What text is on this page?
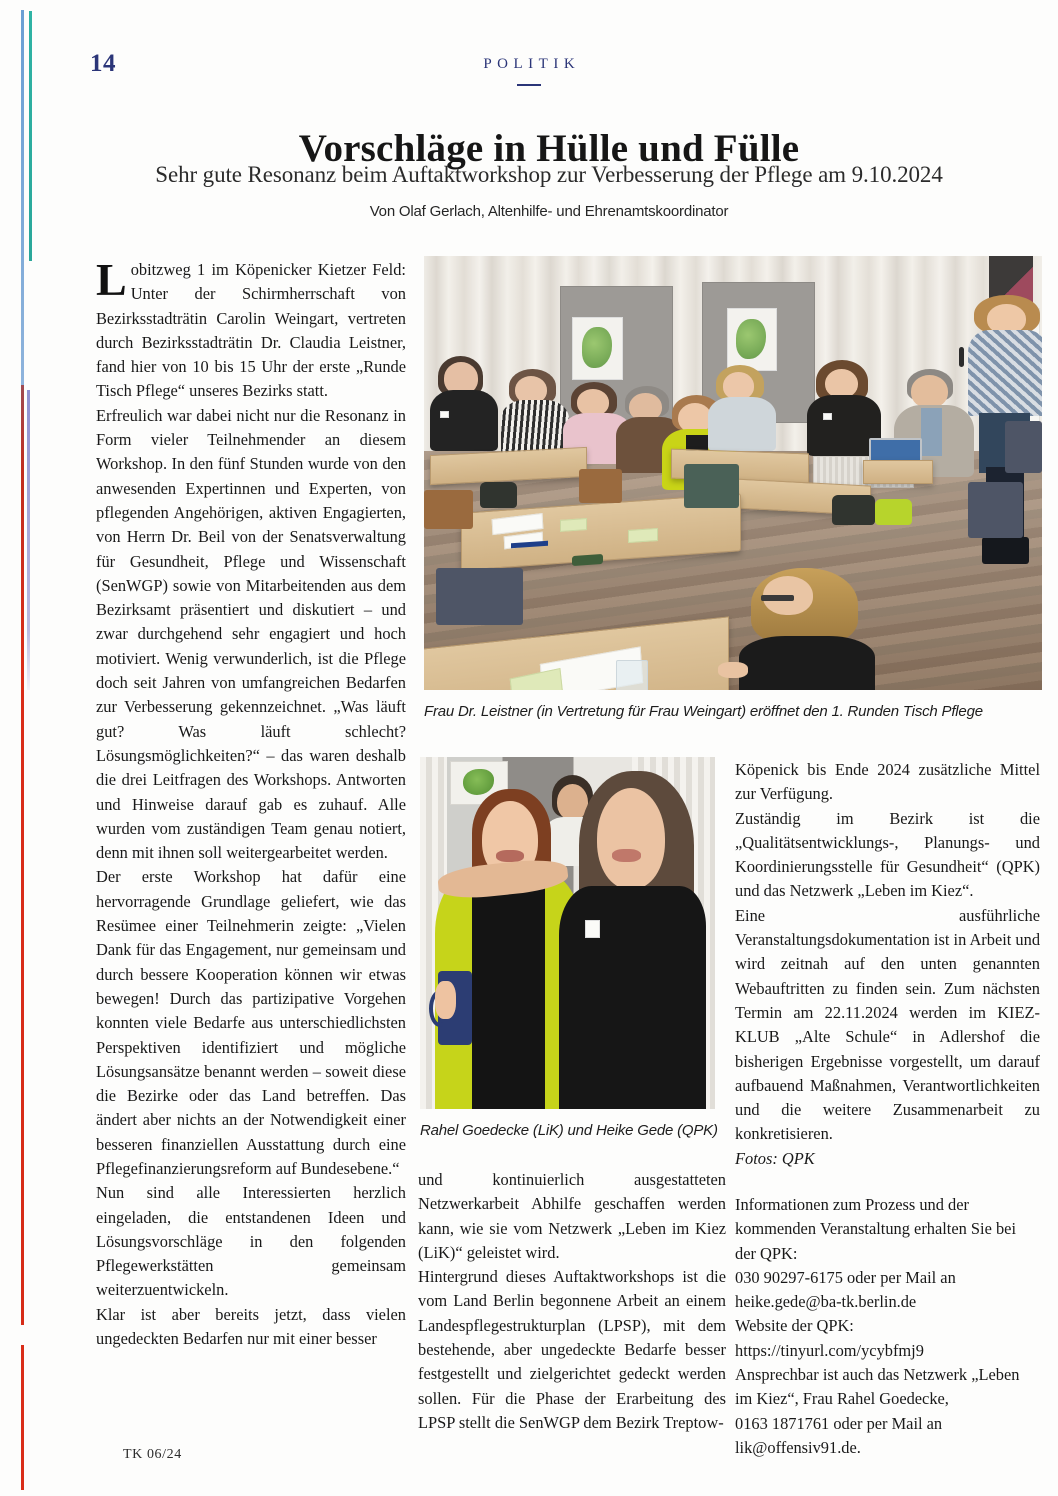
14	POLITIK
Vorschläge in Hülle und Fülle
Sehr gute Resonanz beim Auftaktworkshop zur Verbesserung der Pflege am 9.10.2024
Von Olaf Gerlach, Altenhilfe- und Ehrenamtskoordinator
Frau Dr. Leistner (in Vertretung für Frau Weingart) eröffnet den 1. Runden Tisch Pflege
Rahel Goedecke (LiK) und Heike Gede (QPK)

Lobitzweg 1 im Köpenicker Kietzer Feld: Unter der Schirmherrschaft von Bezirksstadträtin Carolin Weingart, vertreten durch Bezirksstadträtin Dr. Claudia Leistner, fand hier von 10 bis 15 Uhr der erste „Runde Tisch Pflege“ unseres Bezirks statt.

Erfreulich war dabei nicht nur die Resonanz in Form vieler Teilnehmender an diesem Workshop. In den fünf Stunden wurde von den anwesenden Expertinnen und Experten, von pflegenden Angehörigen, aktiven Engagierten, von Herrn Dr. Beil von der Senatsverwaltung für Gesundheit, Pflege und Wissenschaft (SenWGP) sowie von Mitarbeitenden aus dem Bezirksamt präsentiert und diskutiert – und zwar durchgehend sehr engagiert und hoch motiviert. Wenig verwunderlich, ist die Pflege doch seit Jahren von umfangreichen Bedarfen zur Verbesserung gekennzeichnet. „Was läuft gut? Was läuft schlecht? Lösungsmöglichkeiten?“ – das waren deshalb die drei Leitfragen des Workshops. Antworten und Hinweise darauf gab es zuhauf. Alle wurden vom zuständigen Team genau notiert, denn mit ihnen soll weitergearbeitet werden.

Der erste Workshop hat dafür eine hervorragende Grundlage geliefert, wie das Resümee einer Teilnehmerin zeigte: „Vielen Dank für das Engagement, nur gemeinsam und durch bessere Kooperation können wir etwas bewegen! Durch das partizipative Vorgehen konnten viele Bedarfe aus unterschiedlichsten Perspektiven identifiziert und mögliche Lösungsansätze benannt werden – soweit diese die Bezirke oder das Land betreffen. Das ändert aber nichts an der Notwendigkeit einer besseren finanziellen Ausstattung durch eine Pflegefinanzierungsreform auf Bundesebene.“

Nun sind alle Interessierten herzlich eingeladen, die entstandenen Ideen und Lösungsvorschläge in den folgenden Pflegewerkstätten gemeinsam weiterzuentwickeln.

Klar ist aber bereits jetzt, dass vielen ungedeckten Bedarfen nur mit einer besser

und kontinuierlich ausgestatteten Netzwerkarbeit Abhilfe geschaffen werden kann, wie sie vom Netzwerk „Leben im Kiez (LiK)“ geleistet wird.

Hintergrund dieses Auftaktworkshops ist die vom Land Berlin begonnene Arbeit an einem Landespflegestrukturplan (LPSP), mit dem bestehende, aber ungedeckte Bedarfe besser festgestellt und zielgerichtet gedeckt werden sollen. Für die Phase der Erarbeitung des LPSP stellt die SenWGP dem Bezirk Treptow-

Köpenick bis Ende 2024 zusätzliche Mittel zur Verfügung.

Zuständig im Bezirk ist die „Qualitätsentwicklungs-, Planungs- und Koordinierungsstelle für Gesundheit“ (QPK) und das Netzwerk „Leben im Kiez“.

Eine ausführliche Veranstaltungsdokumentation ist in Arbeit und wird zeitnah auf den unten genannten Webauftritten zu finden sein. Zum nächsten Termin am 22.11.2024 werden im KIEZ-KLUB „Alte Schule“ in Adlershof die bisherigen Ergebnisse vorgestellt, um darauf aufbauend Maßnahmen, Verantwortlichkeiten und die weitere Zusammenarbeit zu konkretisieren.

Fotos: QPK

Informationen zum Prozess und der kommenden Veranstaltung erhalten Sie bei der QPK:

030 90297-6175 oder per Mail an

heike.gede@ba-tk.berlin.de

Website der QPK:

https://tinyurl.com/ycybfmj9

Ansprechbar ist auch das Netzwerk „Leben im Kiez“, Frau Rahel Goedecke,

0163 1871761 oder per Mail an

lik@offensiv91.de.

TK 06/24
